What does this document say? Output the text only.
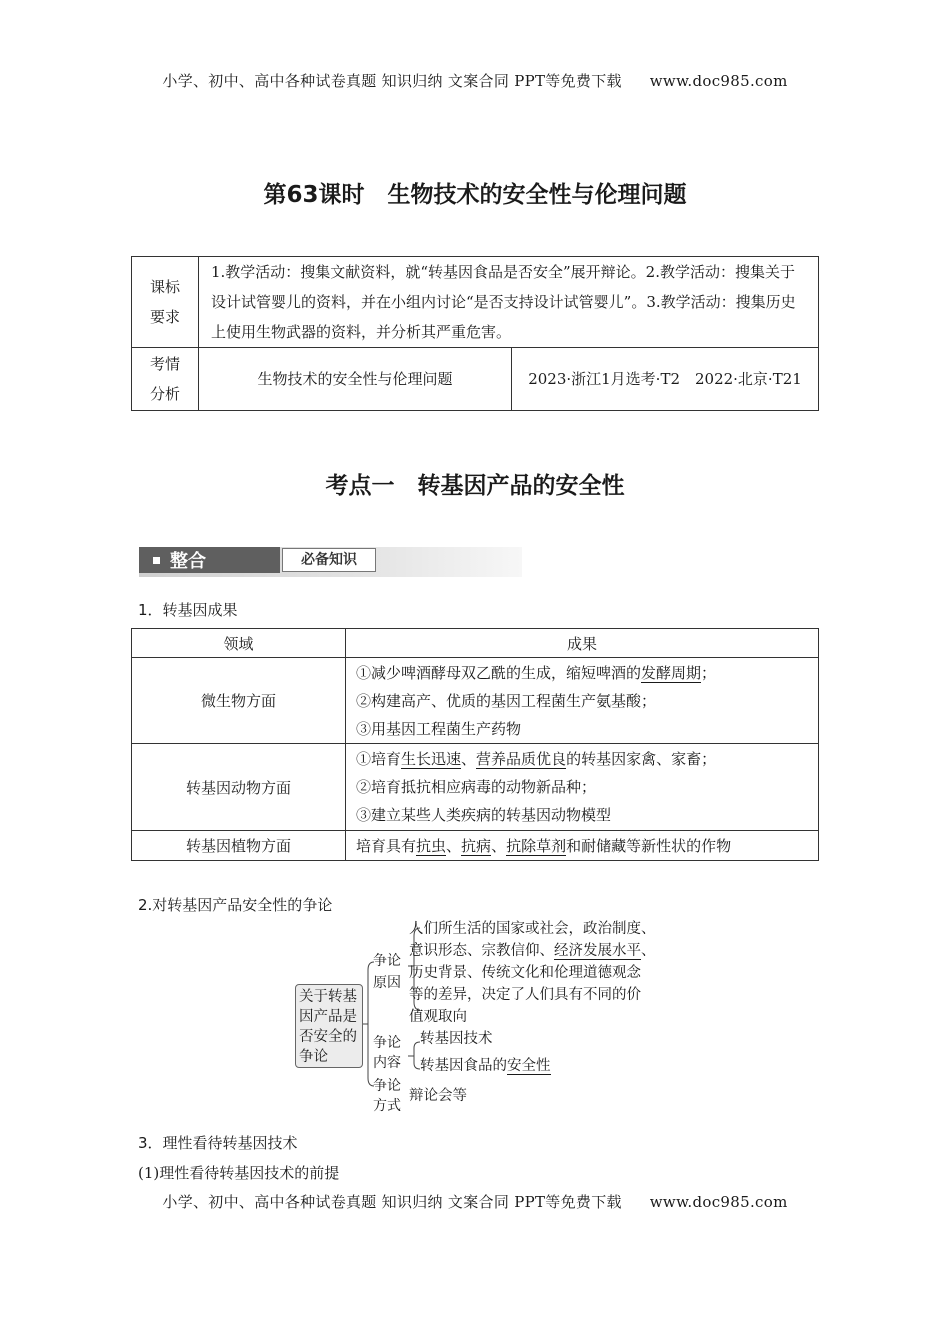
小学、初中、高中各种试卷真题 知识归纳 文案合同 PPT等免费下载 www.doc985.com
第63课时　生物技术的安全性与伦理问题
课标
要求	1.教学活动：搜集文献资料，就“转基因食品是否安全”展开辩论。2.教学活动：搜集关于设计试管婴儿的资料，并在小组内讨论“是否支持设计试管婴儿”。3.教学活动：搜集历史上使用生物武器的资料，并分析其严重危害。	

考情
分析	生物技术的安全性与伦理问题	2023·浙江1月选考·T2　2022·北京·T21
考点一　转基因产品的安全性
整合	必备知识
1．转基因成果
领域	成果
微生物方面	①减少啤酒酵母双乙酰的生成，缩短啤酒的发酵周期；
②构建高产、优质的基因工程菌生产氨基酸；
③用基因工程菌生产药物

转基因动物方面	①培育生长迅速、营养品质优良的转基因家禽、家畜；
②培育抵抗相应病毒的动物新品种；
③建立某些人类疾病的转基因动物模型

转基因植物方面	培育具有抗虫、抗病、抗除草剂和耐储藏等新性状的作物
2.对转基因产品安全性的争论
关于转基
因产品是
否安全的
争论
争论
原因
人们所生活的国家或社会，政治制度、
意识形态、宗教信仰、经济发展水平、
历史背景、传统文化和伦理道德观念
等的差异，决定了人们具有不同的价
值观取向
争论
内容
转基因技术
转基因食品的安全性
争论
方式
辩论会等
3．理性看待转基因技术
(1)理性看待转基因技术的前提
小学、初中、高中各种试卷真题 知识归纳 文案合同 PPT等免费下载 www.doc985.com
